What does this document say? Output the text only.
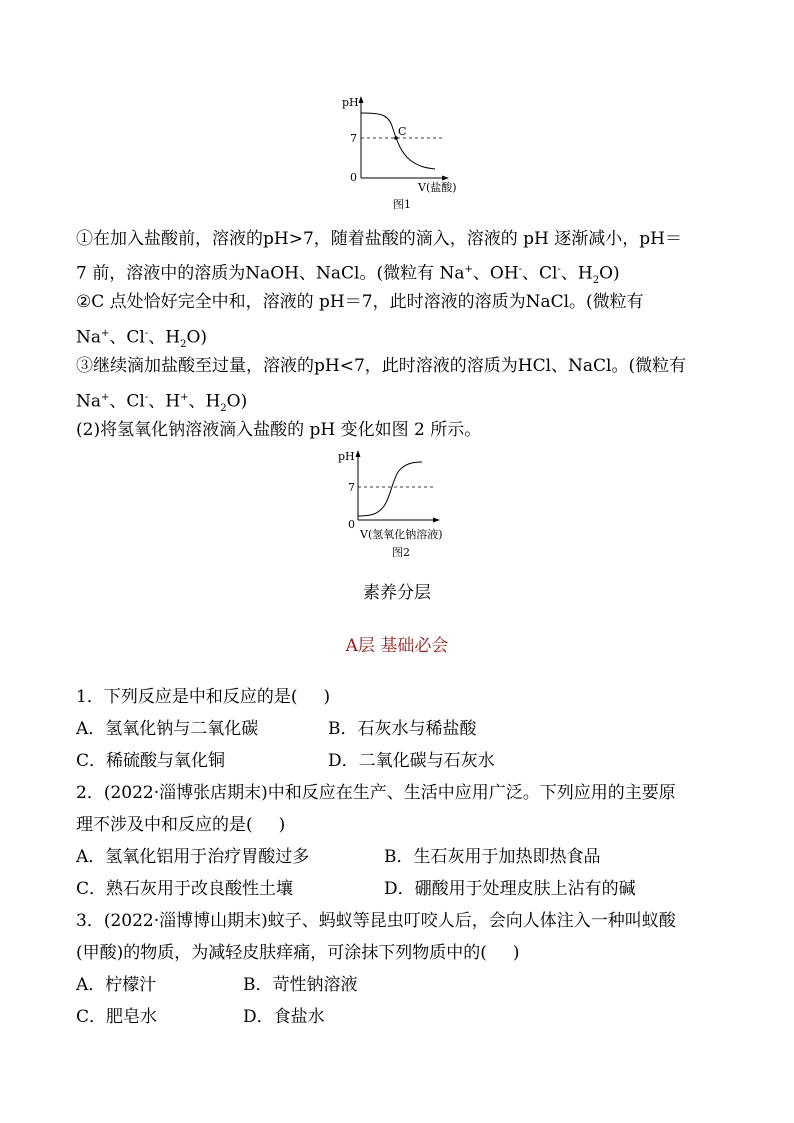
pH
7
0
C
V(盐酸)
图1
①在加入盐酸前，溶液的pH>7，随着盐酸的滴入，溶液的 pH 逐渐减小，pH＝
7 前，溶液中的溶质为NaOH、NaCl。(微粒有 Na+、OH-、Cl-、$H_2O$)
②C 点处恰好完全中和，溶液的 pH＝7，此时溶液的溶质为NaCl。(微粒有
Na+、Cl-、$H_2O$)
③继续滴加盐酸至过量，溶液的pH<7，此时溶液的溶质为HCl、NaCl。(微粒有
Na+、Cl-、H+、$H_2O$)
(2)将氢氧化钠溶液滴入盐酸的 pH 变化如图 2 所示。
pH
7
0
V(氢氧化钠溶液)
图2
素养分层
A层 基础必会
1．下列反应是中和反应的是( )
A．氢氧化钠与二氧化碳	B．石灰水与稀盐酸
C．稀硫酸与氧化铜	D．二氧化碳与石灰水
2．(2022·淄博张店期末)中和反应在生产、生活中应用广泛。下列应用的主要原
理不涉及中和反应的是( )
A．氢氧化铝用于治疗胃酸过多	B．生石灰用于加热即热食品
C．熟石灰用于改良酸性土壤	D．硼酸用于处理皮肤上沾有的碱
3．(2022·淄博博山期末)蚊子、蚂蚁等昆虫叮咬人后，会向人体注入一种叫蚁酸
(甲酸)的物质，为减轻皮肤痒痛，可涂抹下列物质中的( )
A．柠檬汁	B．苛性钠溶液
C．肥皂水	D．食盐水
